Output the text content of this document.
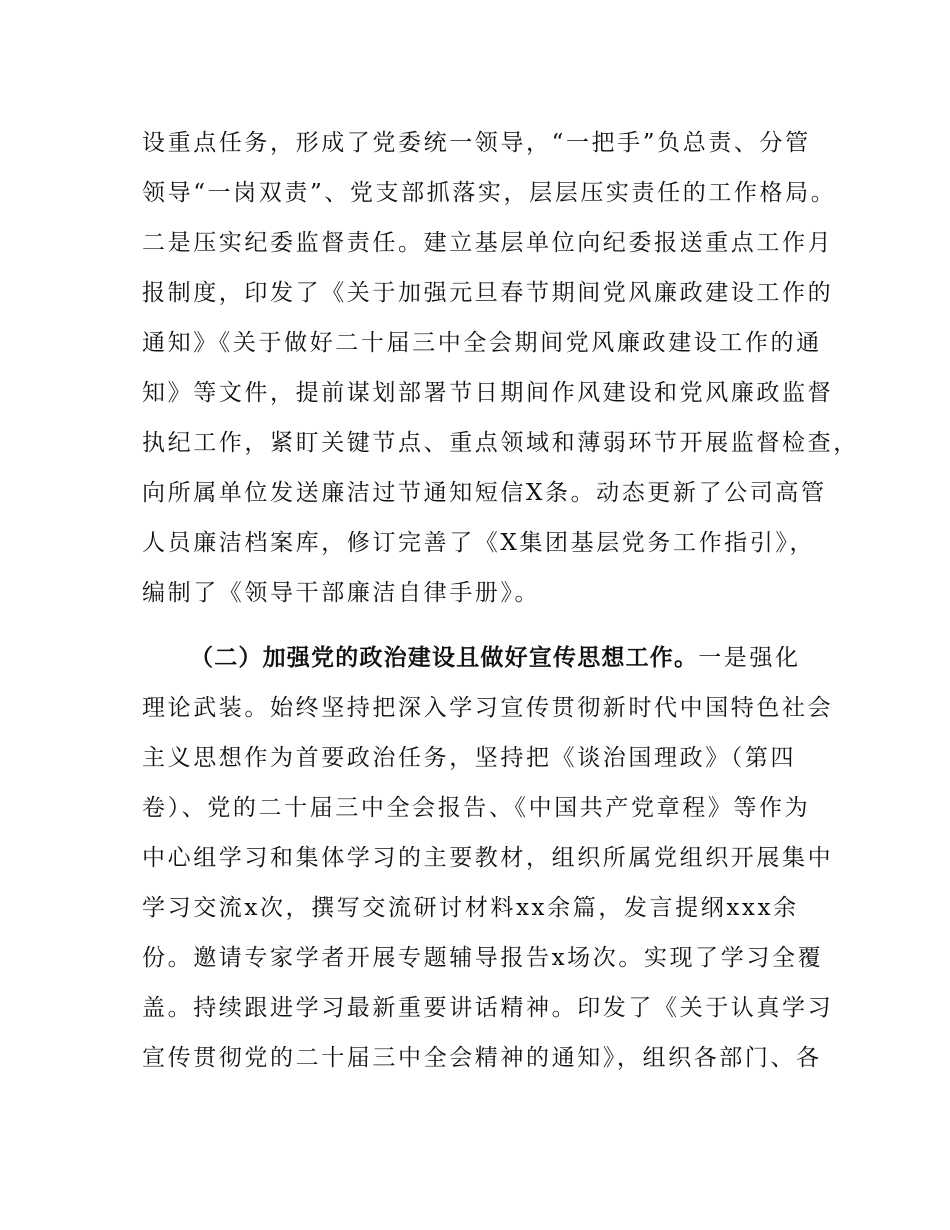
设重点任务，形成了党委统一领导，“一把手”负总责、分管
领导“一岗双责”、党支部抓落实，层层压实责任的工作格局。
二是压实纪委监督责任。建立基层单位向纪委报送重点工作月
报制度，印发了《关于加强元旦春节期间党风廉政建设工作的
通知》《关于做好二十届三中全会期间党风廉政建设工作的通
知》等文件，提前谋划部署节日期间作风建设和党风廉政监督
执纪工作，紧盯关键节点、重点领域和薄弱环节开展监督检查，
向所属单位发送廉洁过节通知短信X条。动态更新了公司高管
人员廉洁档案库，修订完善了《X集团基层党务工作指引》，
编制了《领导干部廉洁自律手册》。
（二）加强党的政治建设且做好宣传思想工作。一是强化
理论武装。始终坚持把深入学习宣传贯彻新时代中国特色社会
主义思想作为首要政治任务，坚持把《谈治国理政》（第四
卷）、党的二十届三中全会报告、《中国共产党章程》等作为
中心组学习和集体学习的主要教材，组织所属党组织开展集中
学习交流x次，撰写交流研讨材料xx余篇，发言提纲xxx余
份。邀请专家学者开展专题辅导报告x场次。实现了学习全覆
盖。持续跟进学习最新重要讲话精神。印发了《关于认真学习
宣传贯彻党的二十届三中全会精神的通知》，组织各部门、各
